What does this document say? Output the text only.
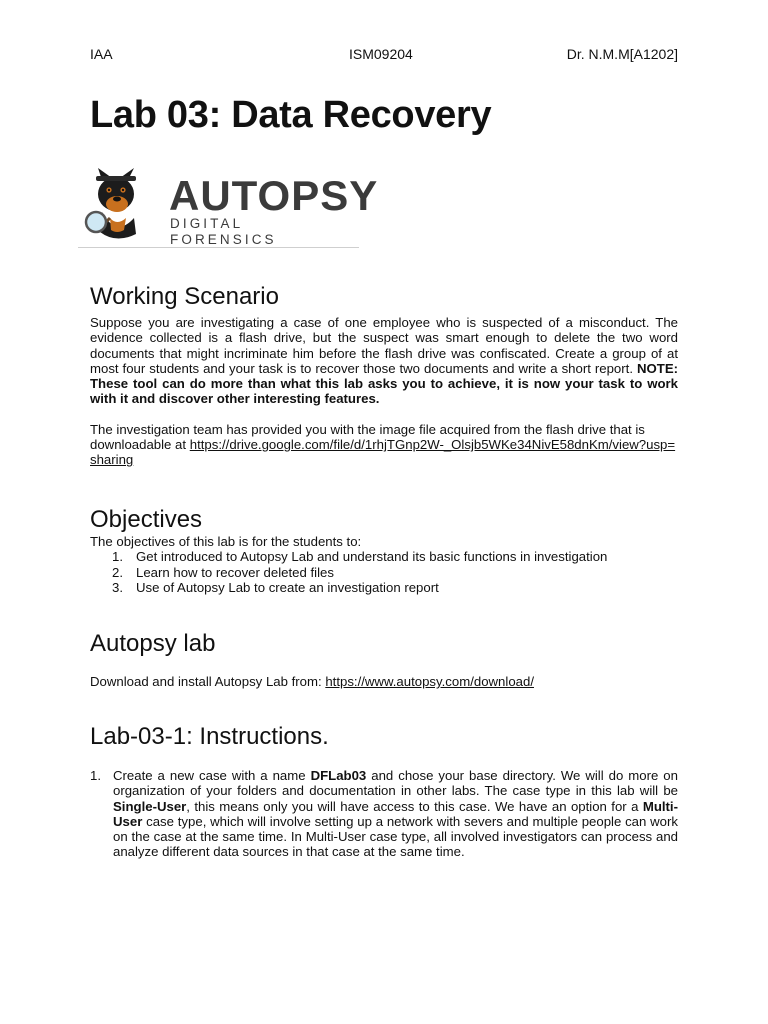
IAA	ISM09204	Dr. N.M.M[A1202]
Lab 03: Data Recovery
AUTOPSY
DIGITAL FORENSICS
Working Scenario

Suppose you are investigating a case of one employee who is suspected of a misconduct. The evidence collected is a flash drive, but the suspect was smart enough to delete the two word documents that might incriminate him before the flash drive was confiscated. Create a group of at most four students and your task is to recover those two documents and write a short report. NOTE: These tool can do more than what this lab asks you to achieve, it is now your task to work with it and discover other interesting features.

The investigation team has provided you with the image file acquired from the flash drive that is downloadable at https://drive.google.com/file/d/1rhjTGnp2W-_Olsjb5WKe34NivE58dnKm/view?usp=sharing

Objectives

The objectives of this lab is for the students to:

1. Get introduced to Autopsy Lab and understand its basic functions in investigation
2. Learn how to recover deleted files
3. Use of Autopsy Lab to create an investigation report
Autopsy lab

Download and install Autopsy Lab from: https://www.autopsy.com/download/

Lab-03-1: Instructions.
1. Create a new case with a name DFLab03 and chose your base directory. We will do more on organization of your folders and documentation in other labs. The case type in this lab will be Single-User, this means only you will have access to this case. We have an option for a Multi-User case type, which will involve setting up a network with severs and multiple people can work on the case at the same time. In Multi-User case type, all involved investigators can process and analyze different data sources in that case at the same time.
